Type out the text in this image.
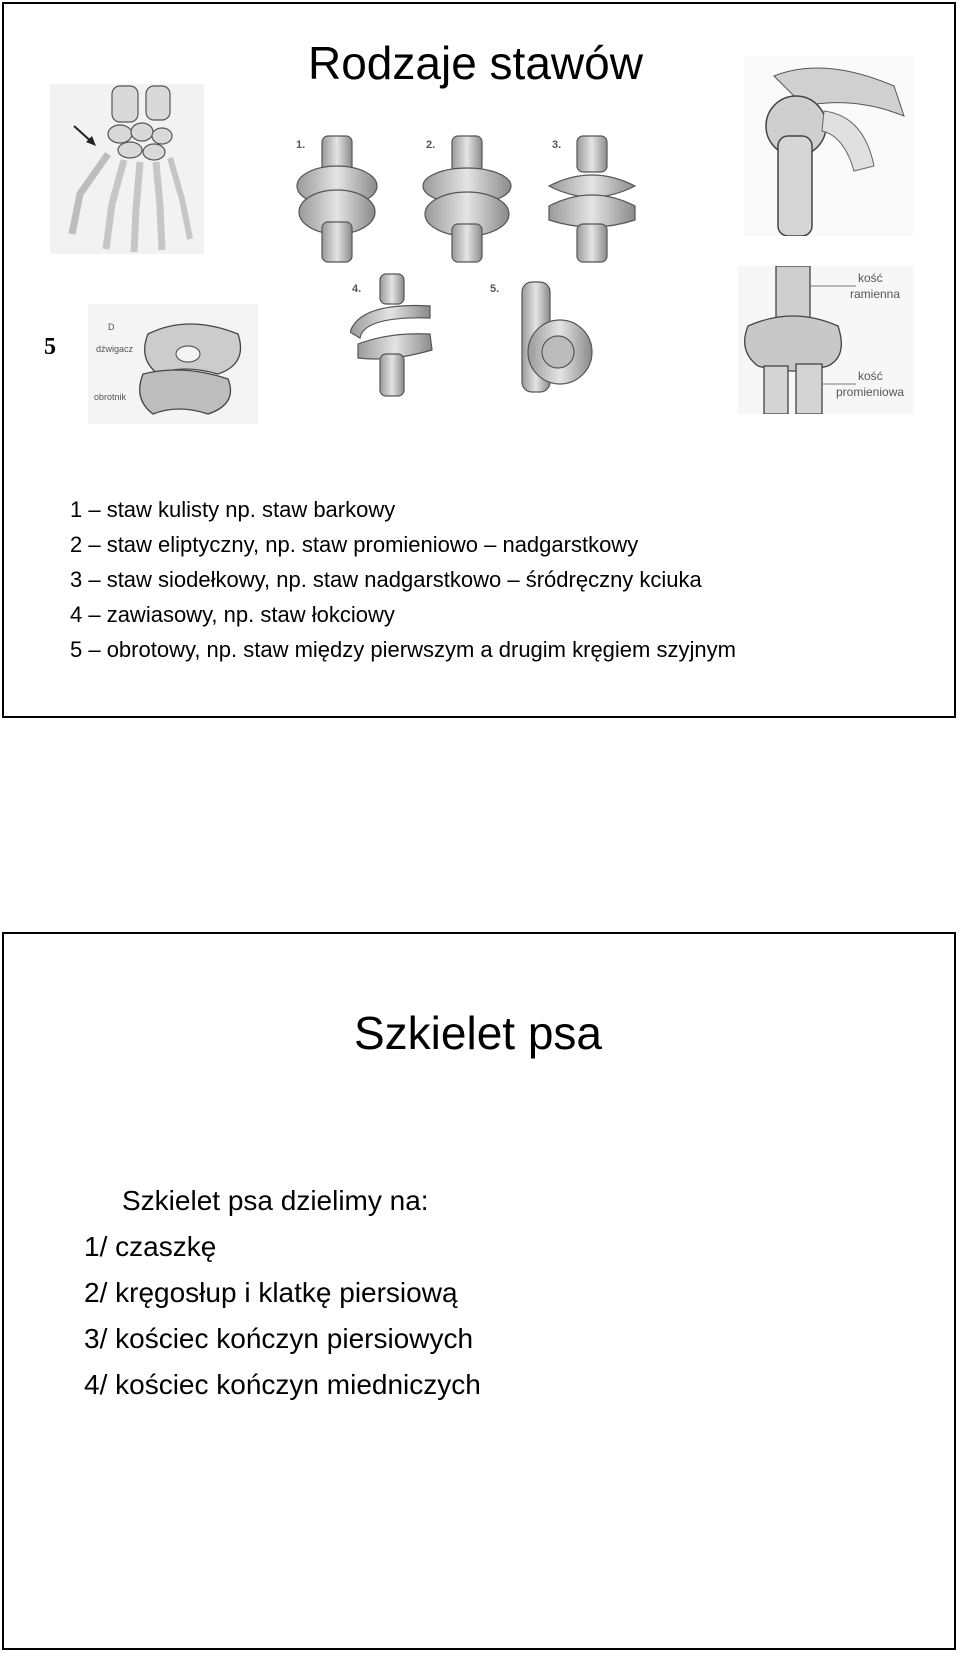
Rodzaje stawów
5
1.	2.	3.
4.	5.
D
dźwigacz
obrotnik
kość
ramienna
kość
promieniowa
1 – staw kulisty np. staw barkowy
2 – staw eliptyczny, np. staw promieniowo – nadgarstkowy
3 – staw siodełkowy, np. staw nadgarstkowo – śródręczny kciuka
4 – zawiasowy, np. staw łokciowy
5 – obrotowy, np. staw między pierwszym a drugim kręgiem szyjnym
Szkielet psa
Szkielet psa dzielimy na:
1/ czaszkę
2/ kręgosłup i klatkę piersiową
3/ kościec kończyn piersiowych
4/ kościec kończyn miedniczych
